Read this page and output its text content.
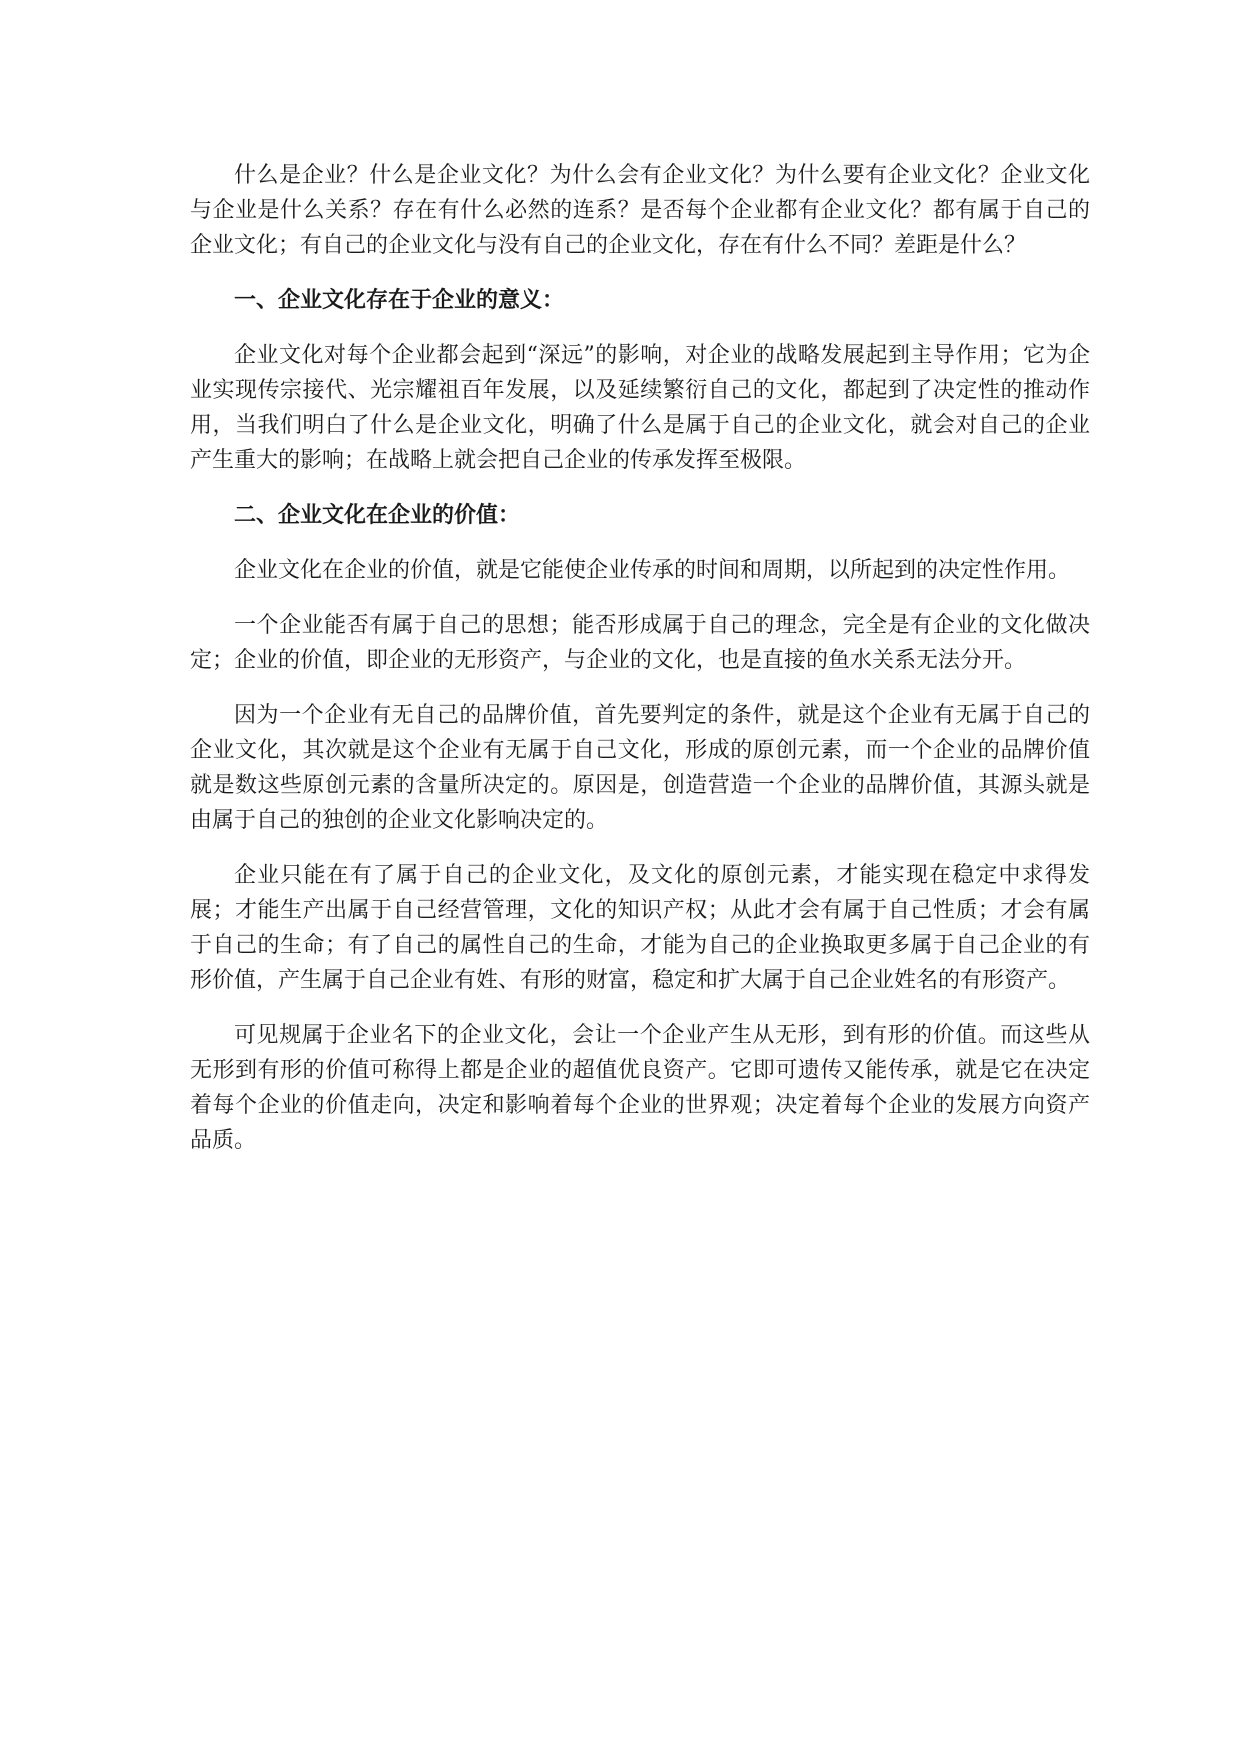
什么是企业？什么是企业文化？为什么会有企业文化？为什么要有企业文化？企业文化与企业是什么关系？存在有什么必然的连系？是否每个企业都有企业文化？都有属于自己的企业文化；有自己的企业文化与没有自己的企业文化，存在有什么不同？差距是什么？

一、企业文化存在于企业的意义：

企业文化对每个企业都会起到“深远”的影响，对企业的战略发展起到主导作用；它为企业实现传宗接代、光宗耀祖百年发展，以及延续繁衍自己的文化，都起到了决定性的推动作用，当我们明白了什么是企业文化，明确了什么是属于自己的企业文化，就会对自己的企业产生重大的影响；在战略上就会把自己企业的传承发挥至极限。

二、企业文化在企业的价值：

企业文化在企业的价值，就是它能使企业传承的时间和周期，以所起到的决定性作用。

一个企业能否有属于自己的思想；能否形成属于自己的理念，完全是有企业的文化做决定；企业的价值，即企业的无形资产，与企业的文化，也是直接的鱼水关系无法分开。

因为一个企业有无自己的品牌价值，首先要判定的条件，就是这个企业有无属于自己的企业文化，其次就是这个企业有无属于自己文化，形成的原创元素，而一个企业的品牌价值就是数这些原创元素的含量所决定的。原因是，创造营造一个企业的品牌价值，其源头就是由属于自己的独创的企业文化影响决定的。

企业只能在有了属于自己的企业文化，及文化的原创元素，才能实现在稳定中求得发展；才能生产出属于自己经营管理，文化的知识产权；从此才会有属于自己性质；才会有属于自己的生命；有了自己的属性自己的生命，才能为自己的企业换取更多属于自己企业的有形价值，产生属于自己企业有姓、有形的财富，稳定和扩大属于自己企业姓名的有形资产。

可见规属于企业名下的企业文化，会让一个企业产生从无形，到有形的价值。而这些从无形到有形的价值可称得上都是企业的超值优良资产。它即可遗传又能传承，就是它在决定着每个企业的价值走向，决定和影响着每个企业的世界观；决定着每个企业的发展方向资产品质。
